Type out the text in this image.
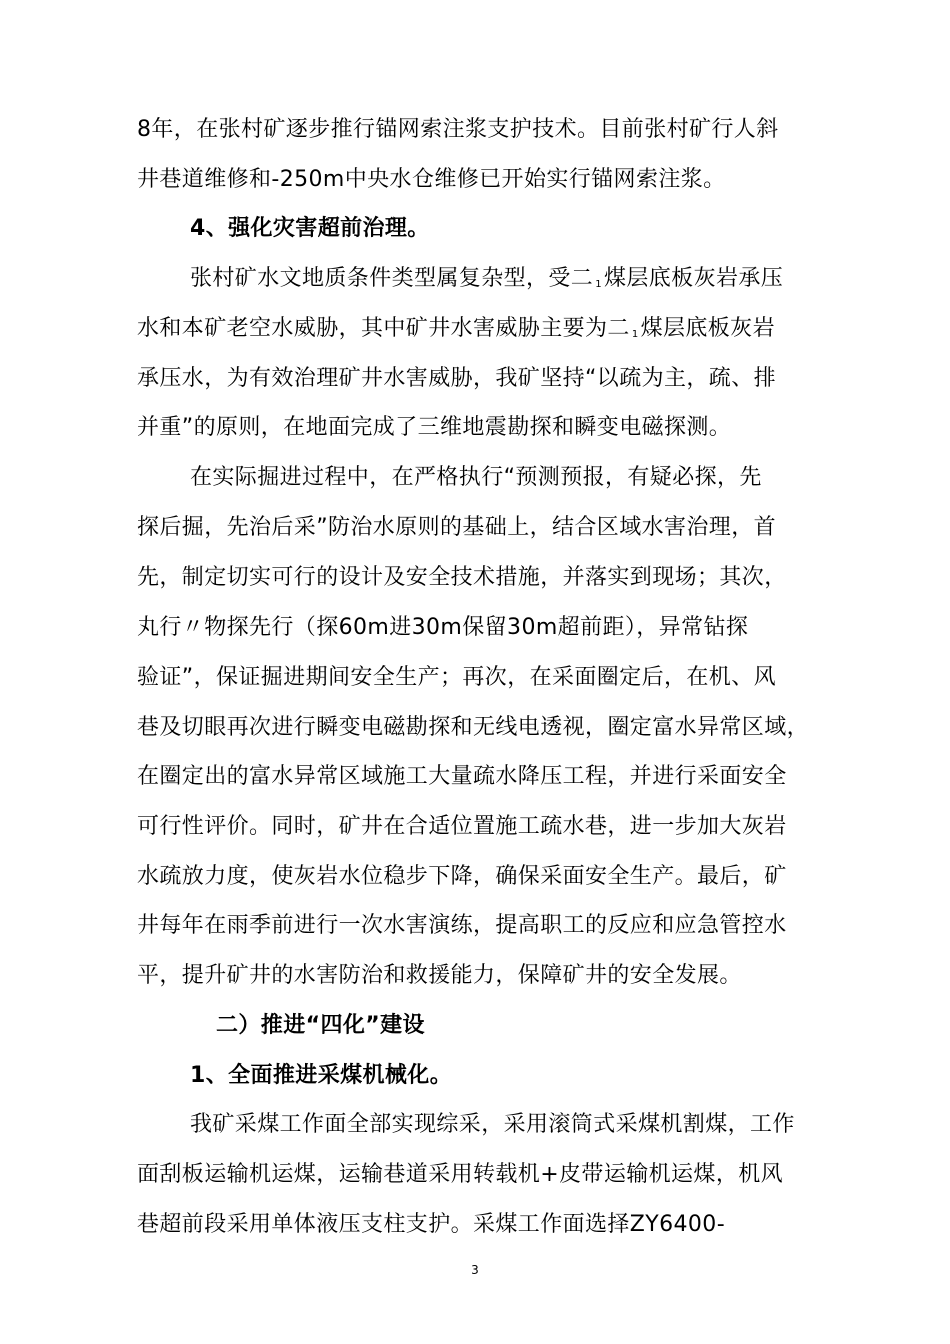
8年，在张村矿逐步推行锚网索注浆支护技术。目前张村矿行人斜
井巷道维修和-250m中央水仓维修已开始实行锚网索注浆。
4、强化灾害超前治理。
张村矿水文地质条件类型属复杂型，受二 $_1$煤层底板灰岩承压
水和本矿老空水威胁，其中矿井水害威胁主要为二 $_1$煤层底板灰岩
承压水，为有效治理矿井水害威胁，我矿坚持“以疏为主，疏、排
并重”的原则，在地面完成了三维地震勘探和瞬变电磁探测。
在实际掘进过程中，在严格执行“预测预报，有疑必探，先
探后掘，先治后采”防治水原则的基础上，结合区域水害治理，首
先，制定切实可行的设计及安全技术措施，并落实到现场；其次，
丸行〃物探先行（探60m进30m保留30m超前距），异常钻探
验证”，保证掘进期间安全生产；再次，在采面圈定后，在机、风
巷及切眼再次进行瞬变电磁勘探和无线电透视，圈定富水异常区域，
在圈定出的富水异常区域施工大量疏水降压工程，并进行采面安全
可行性评价。同时，矿井在合适位置施工疏水巷，进一步加大灰岩
水疏放力度，使灰岩水位稳步下降，确保采面安全生产。最后，矿
井每年在雨季前进行一次水害演练，提高职工的反应和应急管控水
平，提升矿井的水害防治和救援能力，保障矿井的安全发展。
二）推进“四化”建设
1、全面推进采煤机械化。
我矿采煤工作面全部实现综采，采用滚筒式采煤机割煤，工作
面刮板运输机运煤，运输巷道采用转载机+皮带运输机运煤，机风
巷超前段采用单体液压支柱支护。采煤工作面选择ZY6400-
3
